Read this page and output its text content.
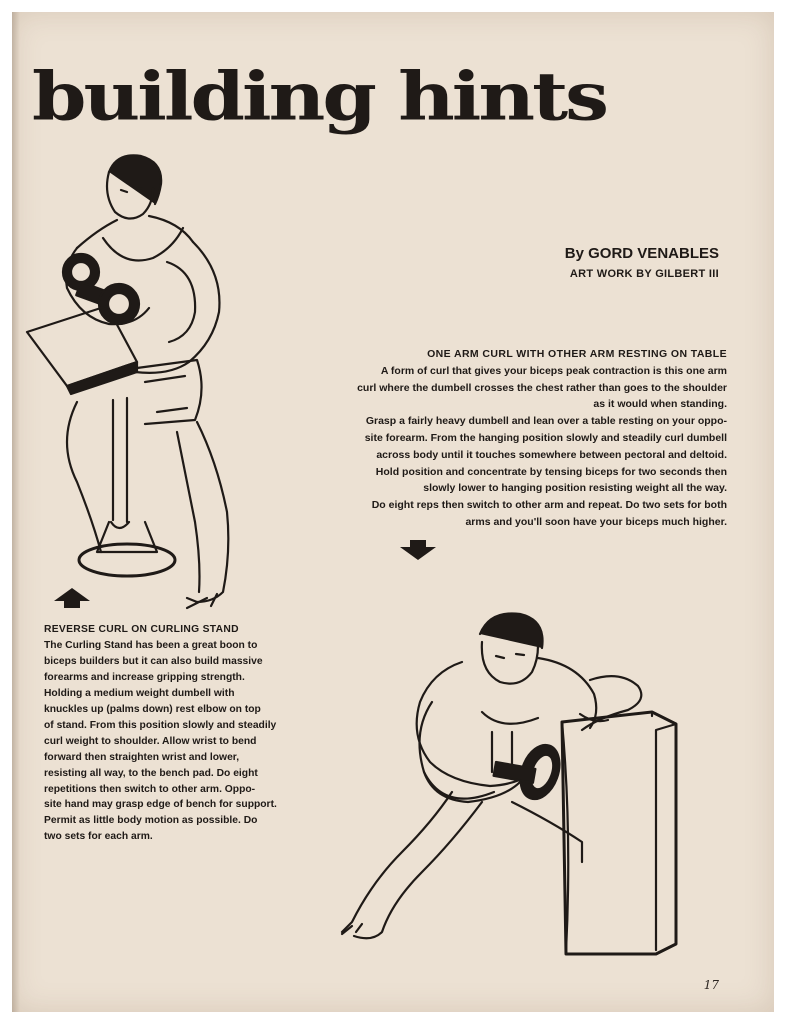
building hints
By GORD VENABLES
ART WORK BY GILBERT III

ONE ARM CURL WITH OTHER ARM RESTING ON TABLE

A form of curl that gives your biceps peak contraction is this one arm

curl where the dumbell crosses the chest rather than goes to the shoulder

as it would when standing.

Grasp a fairly heavy dumbell and lean over a table resting on your oppo-

site forearm. From the hanging position slowly and steadily curl dumbell

across body until it touches somewhere between pectoral and deltoid.

Hold position and concentrate by tensing biceps for two seconds then

slowly lower to hanging position resisting weight all the way.

Do eight reps then switch to other arm and repeat. Do two sets for both

arms and you'll soon have your biceps much higher.

REVERSE CURL ON CURLING STAND

The Curling Stand has been a great boon to

biceps builders but it can also build massive

forearms and increase gripping strength.

Holding a medium weight dumbell with

knuckles up (palms down) rest elbow on top

of stand. From this position slowly and steadily

curl weight to shoulder. Allow wrist to bend

forward then straighten wrist and lower,

resisting all way, to the bench pad. Do eight

repetitions then switch to other arm. Oppo-

site hand may grasp edge of bench for support.

Permit as little body motion as possible. Do

two sets for each arm.

17
